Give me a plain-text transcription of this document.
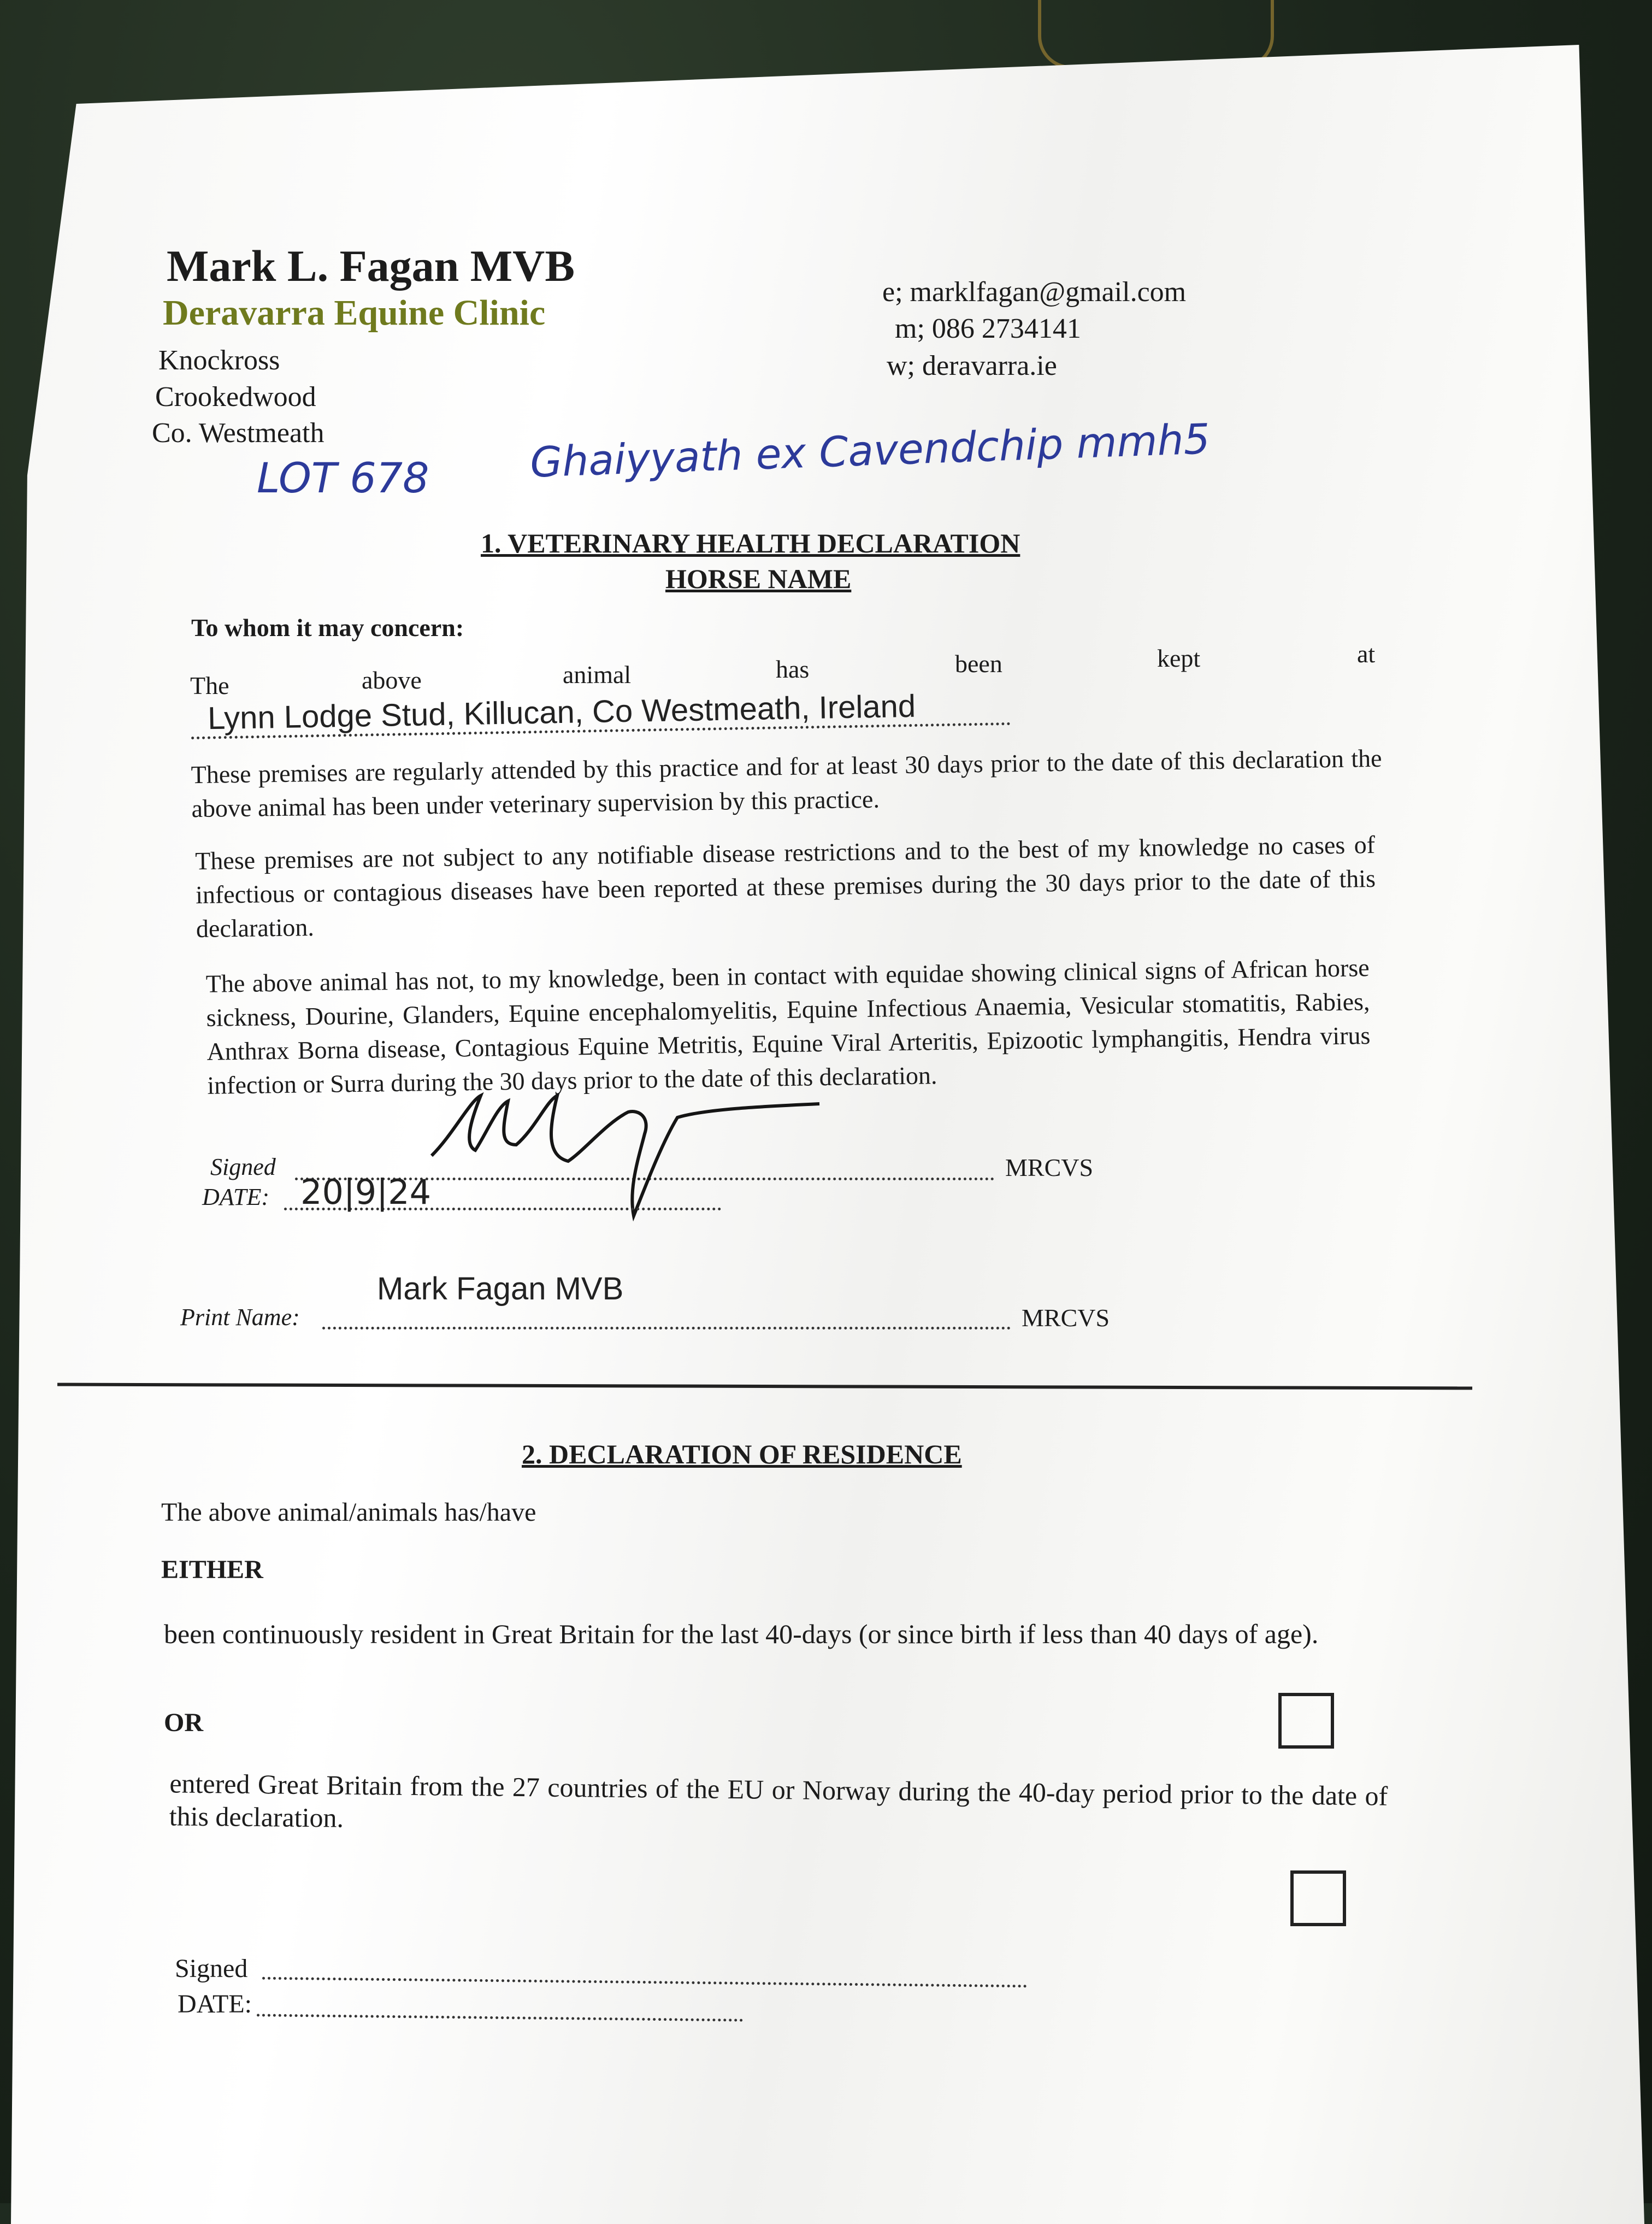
Mark L. Fagan MVB
Deravarra Equine Clinic
Knockross
Crookedwood
Co. Westmeath
e; marklfagan@gmail.com
m; 086 2734141
w; deravarra.ie
LOT 678 Ghaiyyath ex Cavendchip mmh5
1. VETERINARY HEALTH DECLARATION
HORSE NAME
To whom it may concern:
The	above	animal	has	been	kept	at
Lynn Lodge Stud, Killucan, Co Westmeath, Ireland
These premises are regularly attended by this practice and for at least 30 days prior to the date of this declaration the above animal has been under veterinary supervision by this practice.
These premises are not subject to any notifiable disease restrictions and to the best of my knowledge no cases of infectious or contagious diseases have been reported at these premises during the 30 days prior to the date of this declaration.
The above animal has not, to my knowledge, been in contact with equidae showing clinical signs of African horse sickness, Dourine, Glanders, Equine encephalomyelitis, Equine Infectious Anaemia, Vesicular stomatitis, Rabies, Anthrax Borna disease, Contagious Equine Metritis, Equine Viral Arteritis, Epizootic lymphangitis, Hendra virus infection or Surra during the 30 days prior to the date of this declaration.
Signed	MRCVS
DATE: 20|9|24
Print Name:
Mark Fagan MVB
MRCVS
2. DECLARATION OF RESIDENCE
The above animal/animals has/have
EITHER
been continuously resident in Great Britain for the last 40-days (or since birth if less than 40 days of age).
OR
entered Great Britain from the 27 countries of the EU or Norway during the 40-day period prior to the date of this declaration.
Signed
DATE:
